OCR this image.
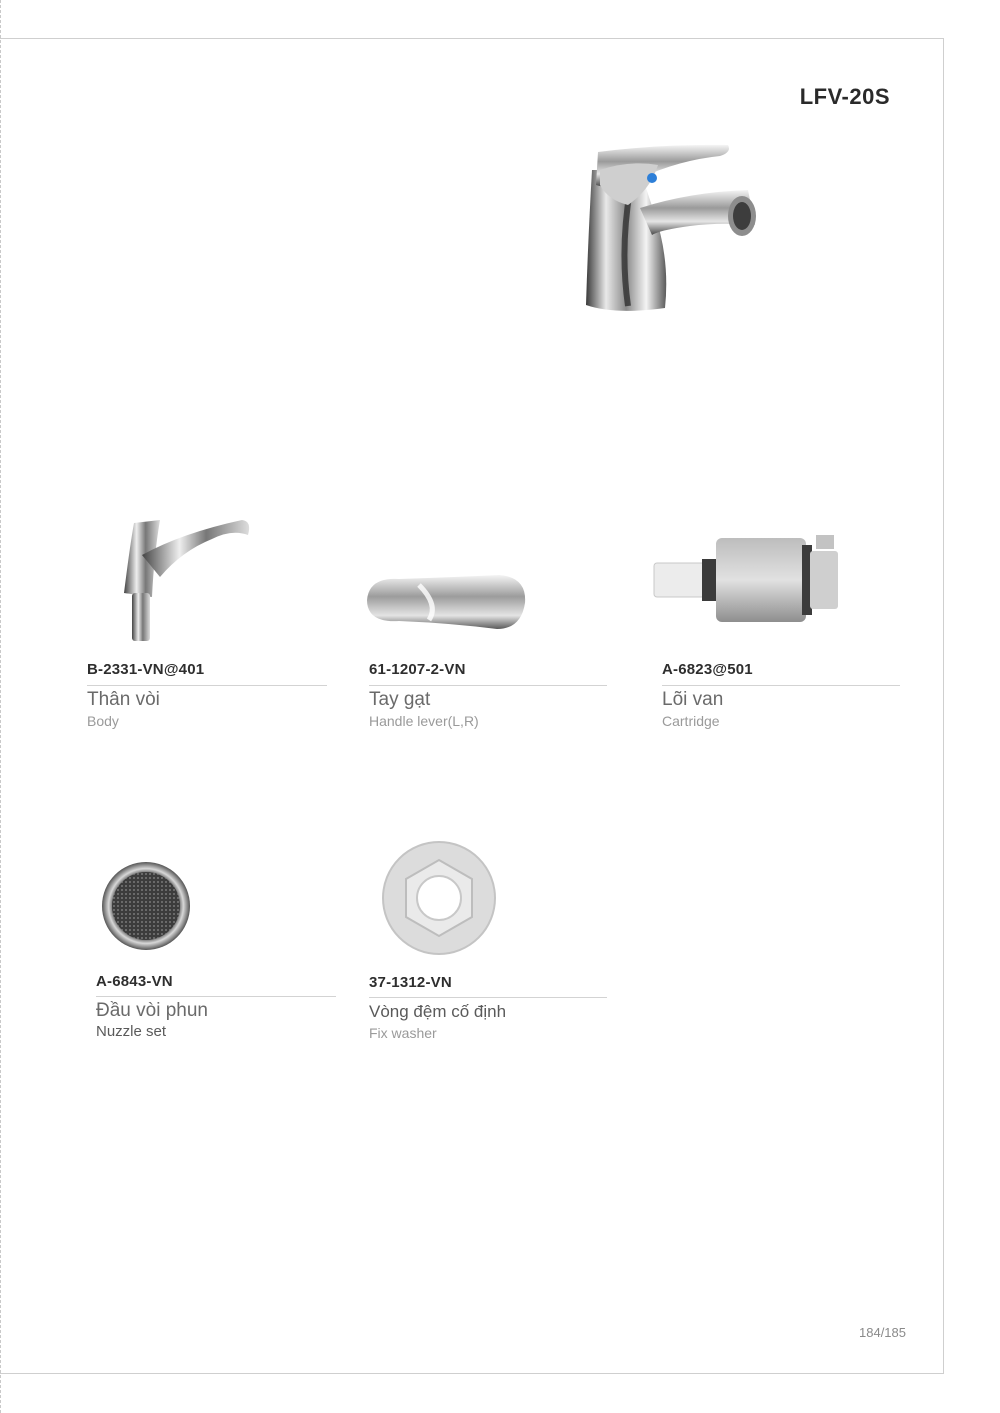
LFV-20S
B-2331-VN@401
Thân vòi
Body
61-1207-2-VN
Tay gạt
Handle lever(L,R)
A-6823@501
Lõi van
Cartridge
A-6843-VN
Đầu vòi phun
Nuzzle set
37-1312-VN
Vòng đệm cố định
Fix washer
184/185
